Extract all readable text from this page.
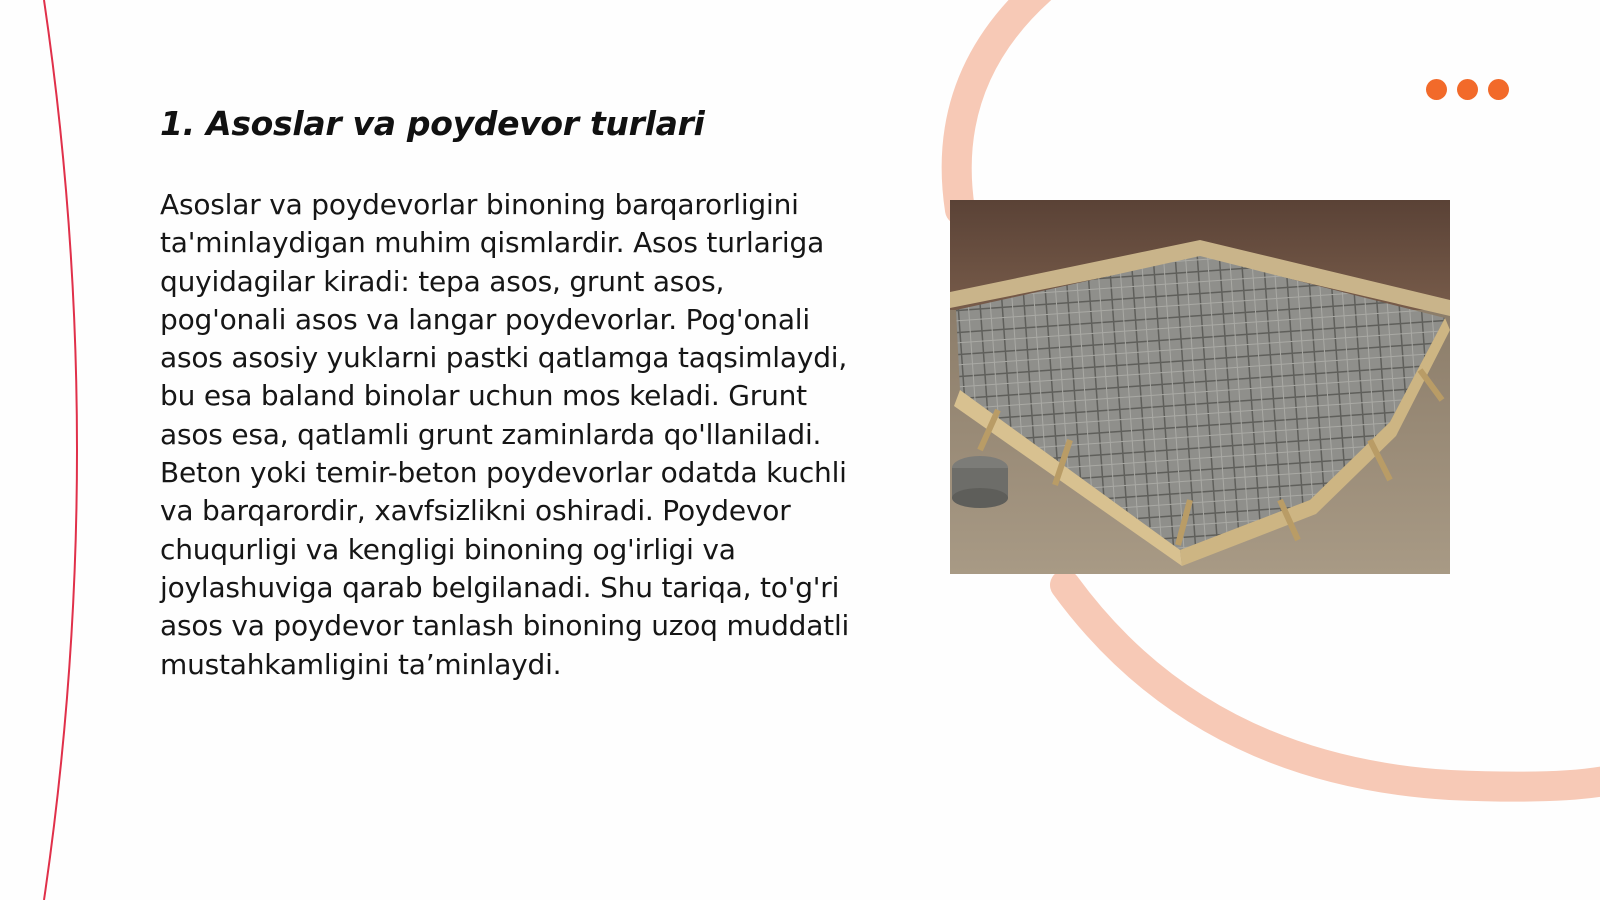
1. Asoslar va poydevor turlari

Asoslar va poydevorlar binoning barqarorligini ta'minlaydigan muhim qismlardir. Asos turlariga quyidagilar kiradi: tepa asos, grunt asos, pog'onali asos va langar poydevorlar. Pog'onali asos asosiy yuklarni pastki qatlamga taqsimlaydi, bu esa baland binolar uchun mos keladi. Grunt asos esa, qatlamli grunt zaminlarda qo'llaniladi. Beton yoki temir-beton poydevorlar odatda kuchli va barqarordir, xavfsizlikni oshiradi. Poydevor chuqurligi va kengligi binoning og'irligi va joylashuviga qarab belgilanadi. Shu tariqa, to'g'ri asos va poydevor tanlash binoning uzoq muddatli mustahkamligini ta’minlaydi.
